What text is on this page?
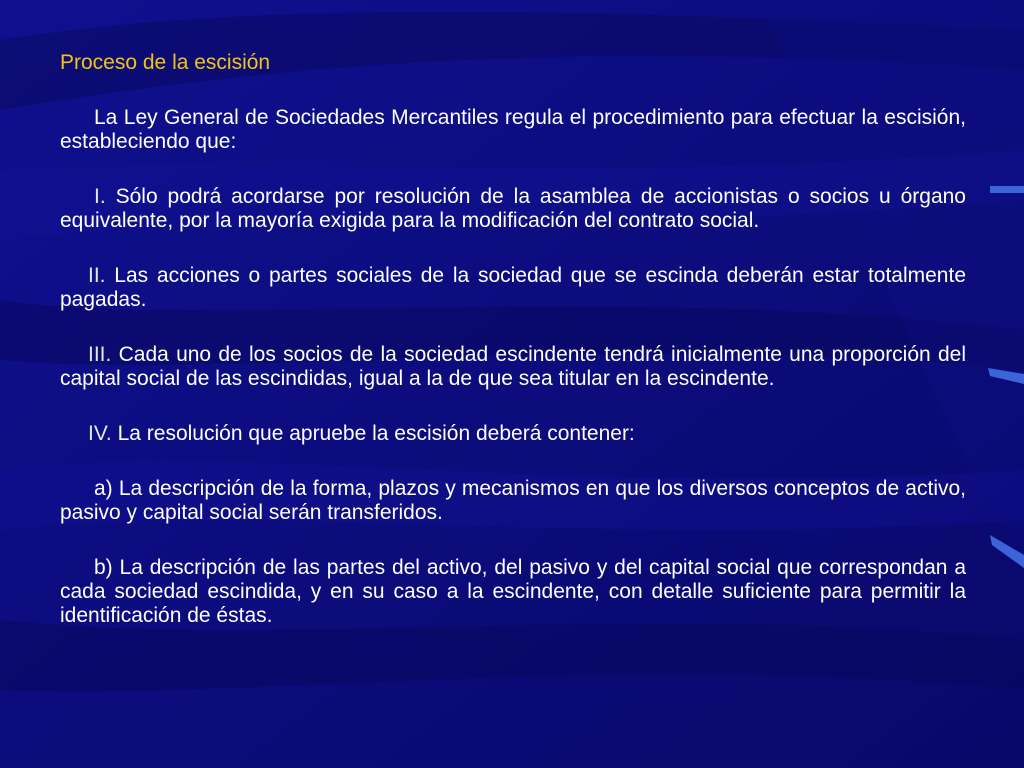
Proceso de la escisión

La Ley General de Sociedades Mercantiles regula el procedimiento para efectuar la escisión, estableciendo que:

I. Sólo podrá acordarse por resolución de la asamblea de accionistas o socios u órgano equivalente, por la mayoría exigida para la modificación del contrato social.

II. Las acciones o partes sociales de la sociedad que se escinda deberán estar totalmente pagadas.

III. Cada uno de los socios de la sociedad escindente tendrá inicialmente una proporción del capital social de las escindidas, igual a la de que sea titular en la escindente.

IV. La resolución que apruebe la escisión deberá contener:

a) La descripción de la forma, plazos y mecanismos en que los diversos conceptos de activo, pasivo y capital social serán transferidos.

b) La descripción de las partes del activo, del pasivo y del capital social que correspondan a cada sociedad escindida, y en su caso a la escindente, con detalle suficiente para permitir la identificación de éstas.
